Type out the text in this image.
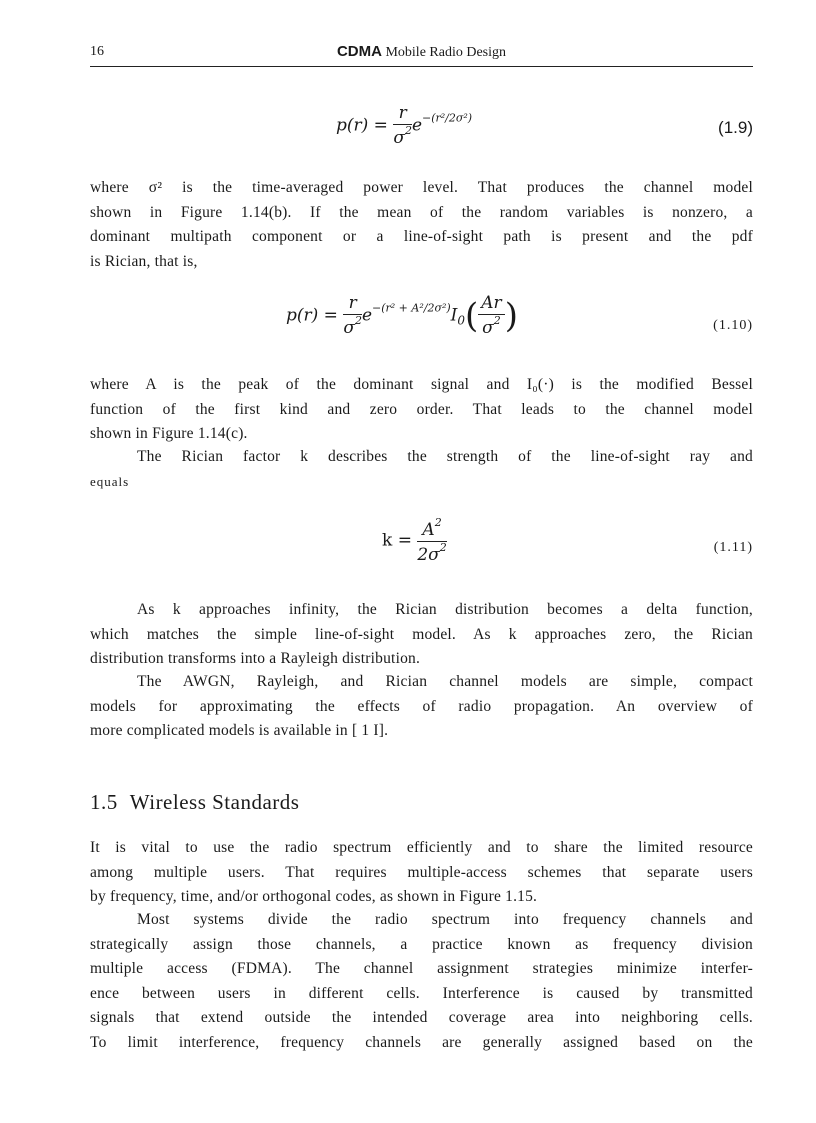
16	CDMA Mobile Radio Design
$p(r) = \frac{r}{\sigma^2} e^{-(r^2/2\sigma^2)}$	(1.9)
where σ² is the time-averaged power level. That produces the channel model
shown in Figure 1.14(b). If the mean of the random variables is nonzero, a
dominant multipath component or a line-of-sight path is present and the pdf
is Rician, that is,
$p(r) = \frac{r}{\sigma^2} e^{-(r^2 + A^2/2\sigma^2)}I_0( \frac{Ar}{\sigma^2}$ )	(1.10)
where A is the peak of the dominant signal and I₀(·) is the modified Bessel
function of the first kind and zero order. That leads to the channel model
shown in Figure 1.14(c).
The Rician factor k describes the strength of the line-of-sight ray and
equals
$k = \frac{A^2}{2\sigma^2}$	(1.11)
As k approaches infinity, the Rician distribution becomes a delta function,
which matches the simple line-of-sight model. As k approaches zero, the Rician
distribution transforms into a Rayleigh distribution.
The AWGN, Rayleigh, and Rician channel models are simple, compact
models for approximating the effects of radio propagation. An overview of
more complicated models is available in [ 1 I].
1.5 Wireless Standards
It is vital to use the radio spectrum efficiently and to share the limited resource
among multiple users. That requires multiple-access schemes that separate users
by frequency, time, and/or orthogonal codes, as shown in Figure 1.15.
Most systems divide the radio spectrum into frequency channels and
strategically assign those channels, a practice known as frequency division
multiple access (FDMA). The channel assignment strategies minimize interfer-
ence between users in different cells. Interference is caused by transmitted
signals that extend outside the intended coverage area into neighboring cells.
To limit interference, frequency channels are generally assigned based on the
